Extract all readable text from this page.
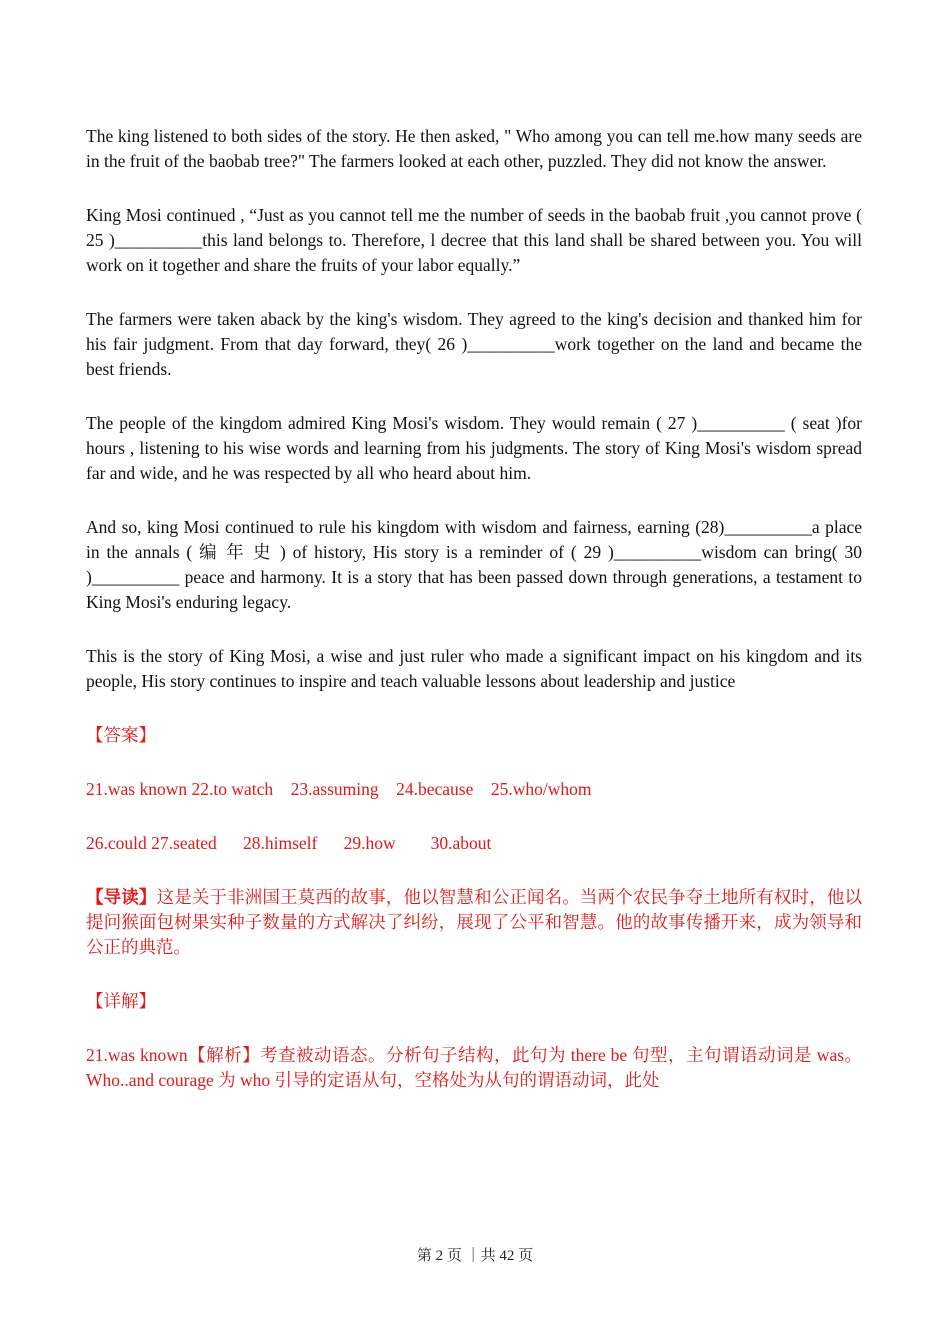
The king listened to both sides of the story. He then asked, " Who among you can tell me.how many seeds are in the fruit of the baobab tree?" The farmers looked at each other, puzzled. They did not know the answer.

King Mosi continued , “Just as you cannot tell me the number of seeds in the baobab fruit ,you cannot prove ( 25 )__________this land belongs to. Therefore, l decree that this land shall be shared between you. You will work on it together and share the fruits of your labor equally.”

The farmers were taken aback by the king's wisdom. They agreed to the king's decision and thanked him for his fair judgment. From that day forward, they( 26 )__________work together on the land and became the best friends.

The people of the kingdom admired King Mosi's wisdom. They would remain ( 27 )__________ ( seat )for hours , listening to his wise words and learning from his judgments. The story of King Mosi's wisdom spread far and wide, and he was respected by all who heard about him.

And so, king Mosi continued to rule his kingdom with wisdom and fairness, earning (28)__________a place in the annals ( 编 年 史 ) of history, His story is a reminder of ( 29 )__________wisdom can bring( 30 )__________ peace and harmony. It is a story that has been passed down through generations, a testament to King Mosi's enduring legacy.

This is the story of King Mosi, a wise and just ruler who made a significant impact on his kingdom and its people, His story continues to inspire and teach valuable lessons about leadership and justice

【答案】

21.was known 22.to watch    23.assuming    24.because    25.who/whom

26.could 27.seated      28.himself      29.how        30.about

【导读】这是关于非洲国王莫西的故事，他以智慧和公正闻名。当两个农民争夺土地所有权时，他以提问猴面包树果实种子数量的方式解决了纠纷，展现了公平和智慧。他的故事传播开来，成为领导和公正的典范。

【详解】

21.was known【解析】考查被动语态。分析句子结构，此句为 there be 句型，主句谓语动词是 was。Who..and courage 为 who 引导的定语从句，空格处为从句的谓语动词，此处

第 2 页 ｜共 42 页
